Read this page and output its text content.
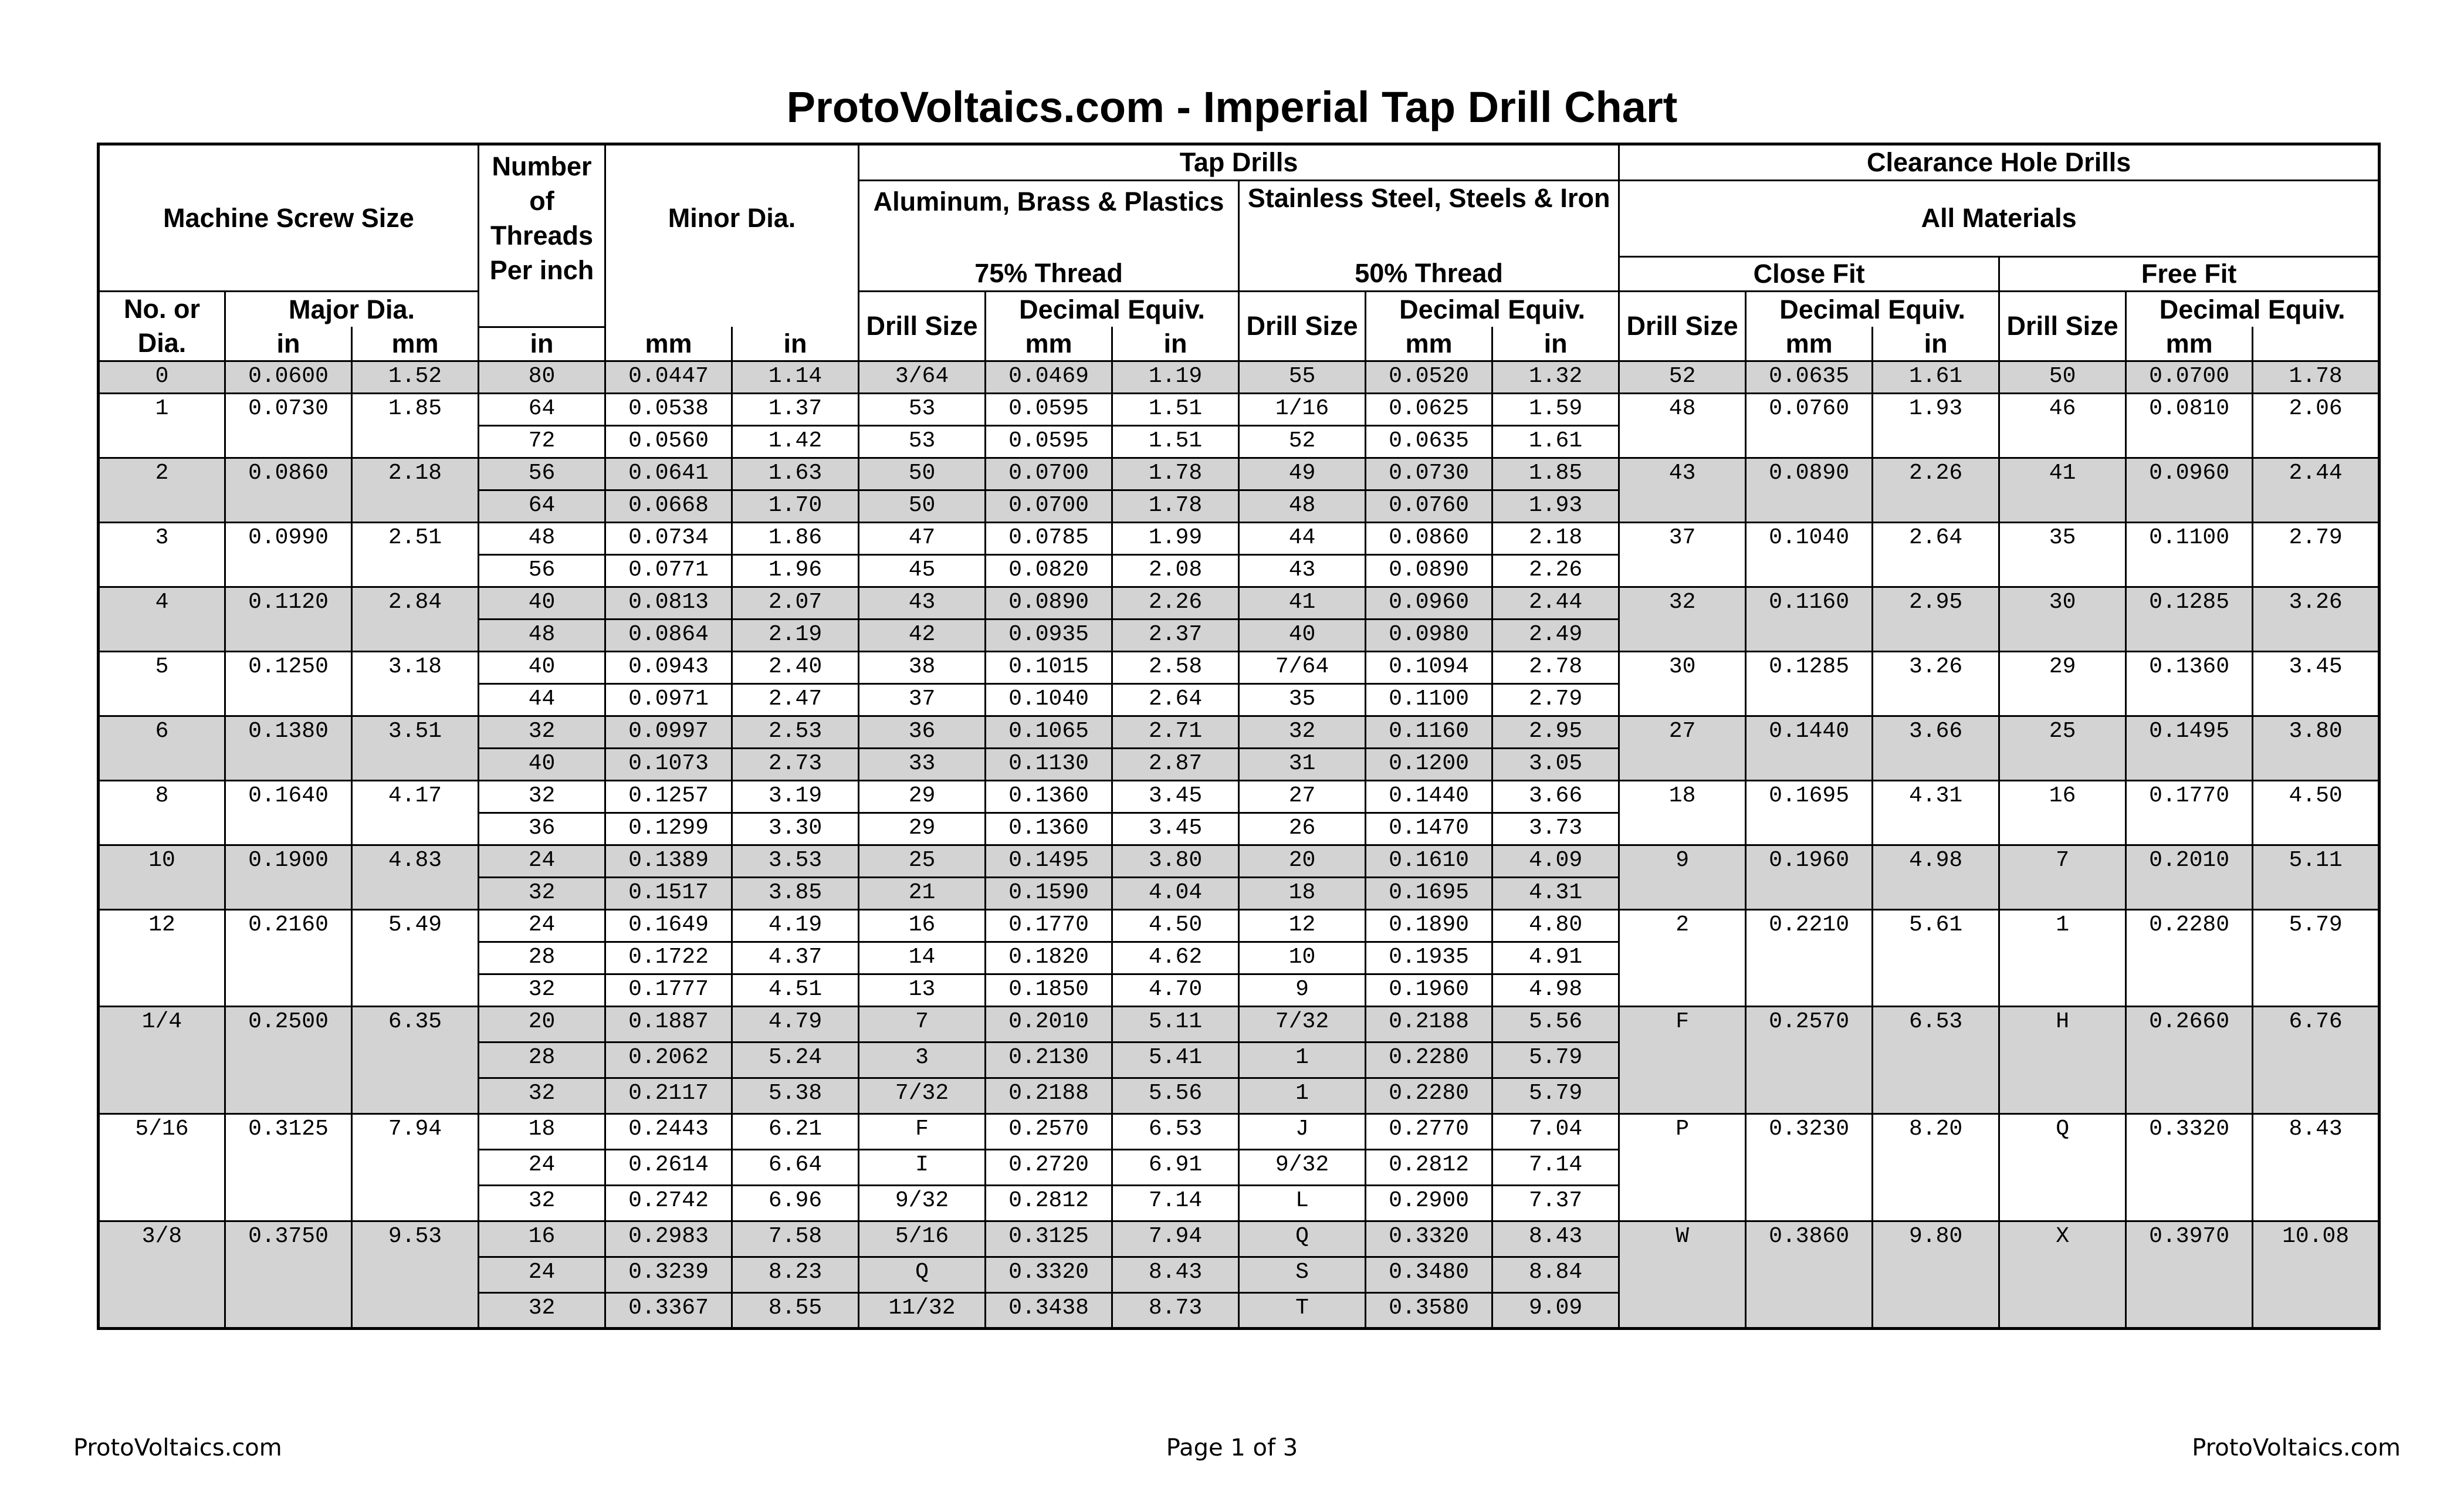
ProtoVoltaics.com - Imperial Tap Drill Chart
Machine Screw Size			Number of Threads Per inch	Minor Dia.		Tap Drills						Clearance Hole Drills					
						Aluminum, Brass & Plastics			Stainless Steel, Steels & Iron			All Materials					

						75% Thread			50% Thread			Close Fit			Free Fit		
No. or Dia.	Major Dia.					Drill Size	Decimal Equiv.		Drill Size	Decimal Equiv.		Drill Size	Decimal Equiv.		Drill Size	Decimal Equiv.	
	in	mm	in	mm	in		mm	in		mm	in		mm	in		mm	
0	0.0600	1.52	80	0.0447	1.14	3/64	0.0469	1.19	55	0.0520	1.32	52	0.0635	1.61	50	0.0700	1.78
1	0.0730	1.85	64	0.0538	1.37	53	0.0595	1.51	1/16	0.0625	1.59	48	0.0760	1.93	46	0.0810	2.06
			72	0.0560	1.42	53	0.0595	1.51	52	0.0635	1.61						
2	0.0860	2.18	56	0.0641	1.63	50	0.0700	1.78	49	0.0730	1.85	43	0.0890	2.26	41	0.0960	2.44
			64	0.0668	1.70	50	0.0700	1.78	48	0.0760	1.93						
3	0.0990	2.51	48	0.0734	1.86	47	0.0785	1.99	44	0.0860	2.18	37	0.1040	2.64	35	0.1100	2.79
			56	0.0771	1.96	45	0.0820	2.08	43	0.0890	2.26						
4	0.1120	2.84	40	0.0813	2.07	43	0.0890	2.26	41	0.0960	2.44	32	0.1160	2.95	30	0.1285	3.26
			48	0.0864	2.19	42	0.0935	2.37	40	0.0980	2.49						
5	0.1250	3.18	40	0.0943	2.40	38	0.1015	2.58	7/64	0.1094	2.78	30	0.1285	3.26	29	0.1360	3.45
			44	0.0971	2.47	37	0.1040	2.64	35	0.1100	2.79						
6	0.1380	3.51	32	0.0997	2.53	36	0.1065	2.71	32	0.1160	2.95	27	0.1440	3.66	25	0.1495	3.80
			40	0.1073	2.73	33	0.1130	2.87	31	0.1200	3.05						
8	0.1640	4.17	32	0.1257	3.19	29	0.1360	3.45	27	0.1440	3.66	18	0.1695	4.31	16	0.1770	4.50
			36	0.1299	3.30	29	0.1360	3.45	26	0.1470	3.73						
10	0.1900	4.83	24	0.1389	3.53	25	0.1495	3.80	20	0.1610	4.09	9	0.1960	4.98	7	0.2010	5.11
			32	0.1517	3.85	21	0.1590	4.04	18	0.1695	4.31						
12	0.2160	5.49	24	0.1649	4.19	16	0.1770	4.50	12	0.1890	4.80	2	0.2210	5.61	1	0.2280	5.79
			28	0.1722	4.37	14	0.1820	4.62	10	0.1935	4.91						
			32	0.1777	4.51	13	0.1850	4.70	9	0.1960	4.98						
1/4	0.2500	6.35	20	0.1887	4.79	7	0.2010	5.11	7/32	0.2188	5.56	F	0.2570	6.53	H	0.2660	6.76
			28	0.2062	5.24	3	0.2130	5.41	1	0.2280	5.79						
			32	0.2117	5.38	7/32	0.2188	5.56	1	0.2280	5.79						
5/16	0.3125	7.94	18	0.2443	6.21	F	0.2570	6.53	J	0.2770	7.04	P	0.3230	8.20	Q	0.3320	8.43
			24	0.2614	6.64	I	0.2720	6.91	9/32	0.2812	7.14						
			32	0.2742	6.96	9/32	0.2812	7.14	L	0.2900	7.37						
3/8	0.3750	9.53	16	0.2983	7.58	5/16	0.3125	7.94	Q	0.3320	8.43	W	0.3860	9.80	X	0.3970	10.08
			24	0.3239	8.23	Q	0.3320	8.43	S	0.3480	8.84						
			32	0.3367	8.55	11/32	0.3438	8.73	T	0.3580	9.09						
ProtoVoltaics.com	Page 1 of 3	ProtoVoltaics.com
